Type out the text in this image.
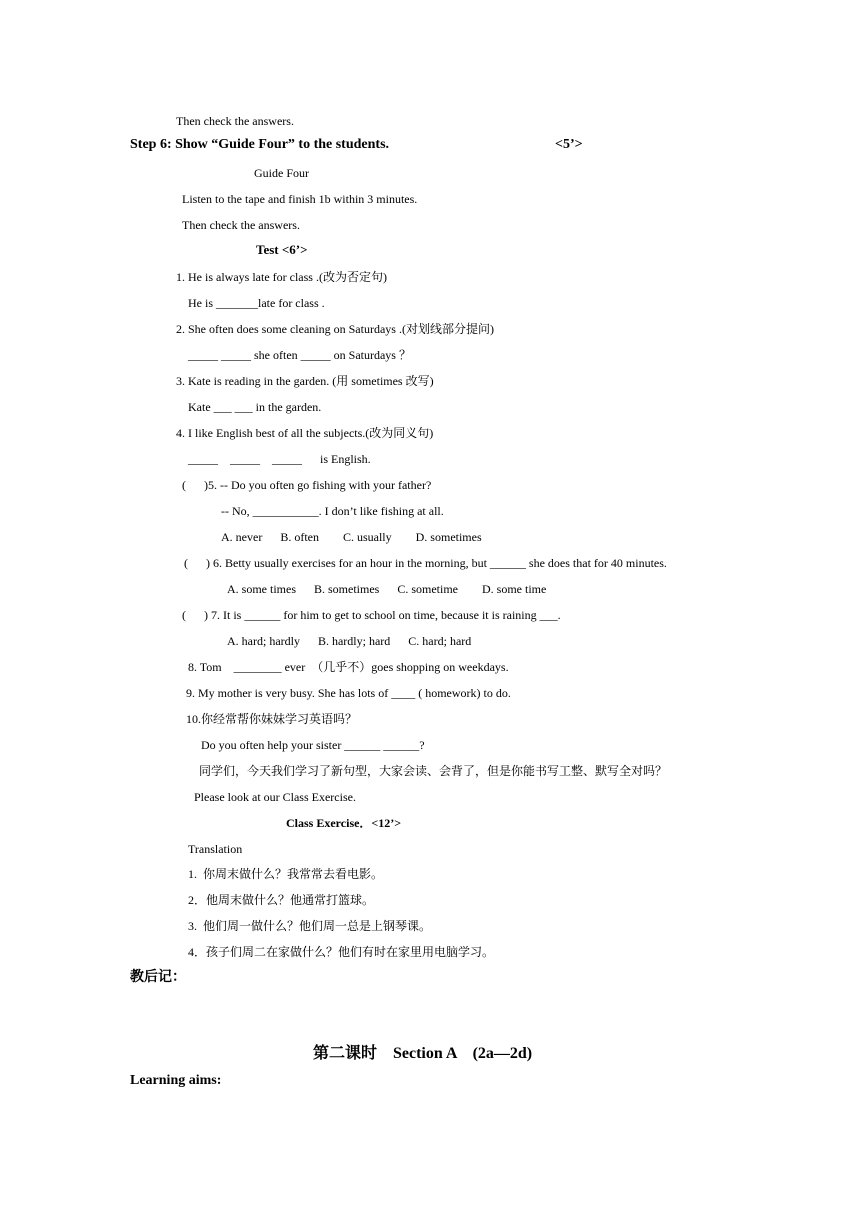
Then check the answers.
Step 6: Show “Guide Four” to the students.	<5’>
Guide Four
Listen to the tape and finish 1b within 3 minutes.
Then check the answers.
Test <6’>
1. He is always late for class .(改为否定句)
He is _______late for class .
2. She often does some cleaning on Saturdays .(对划线部分提问)
_____ _____ she often _____ on Saturdays ？
3. Kate is reading in the garden. (用 sometimes 改写)
Kate ___ ___ in the garden.
4. I like English best of all the subjects.(改为同义句)
_____    _____    _____      is English.
(      )5. -- Do you often go fishing with your father?
-- No, ___________. I don’t like fishing at all.
A. never      B. often        C. usually        D. sometimes
(      ) 6. Betty usually exercises for an hour in the morning, but ______ she does that for 40 minutes.
A. some times      B. sometimes      C. sometime        D. some time
(      ) 7. It is ______ for him to get to school on time, because it is raining ___.
A. hard; hardly      B. hardly; hard      C. hard; hard
8. Tom    ________ ever  （几乎不）goes shopping on weekdays.
9. My mother is very busy. She has lots of ____ ( homework) to do.
10.你经常帮你妹妹学习英语吗？
Do you often help your sister ______ ______?
同学们，今天我们学习了新句型，大家会读、会背了，但是你能书写工整、默写全对吗？
Please look at our Class Exercise.
Class Exercise．<12’>
Translation
1.  你周末做什么？我常常去看电影。
2．他周末做什么？他通常打篮球。
3.  他们周一做什么？他们周一总是上钢琴课。
4．孩子们周二在家做什么？他们有时在家里用电脑学习。
教后记：
第二课时    Section A    (2a—2d)
Learning aims:
